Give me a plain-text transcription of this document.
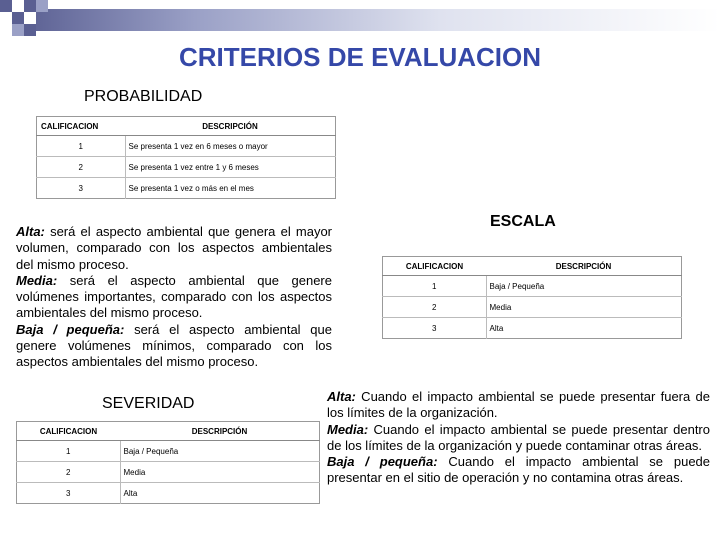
CRITERIOS DE EVALUACION
PROBABILIDAD
CALIFICACION	DESCRIPCIÓN
1	Se presenta 1 vez en 6 meses o mayor
2	Se presenta 1 vez entre 1 y 6 meses
3	Se presenta 1 vez o más en el mes
Alta: será el aspecto ambiental que genera el mayor volumen, comparado con los aspectos ambientales del mismo proceso.
Media: será el aspecto ambiental que genere volúmenes importantes, comparado con los aspectos ambientales del mismo proceso.
Baja / pequeña: será el aspecto ambiental que genere volúmenes mínimos, comparado con los aspectos ambientales del mismo proceso.
ESCALA
CALIFICACION	DESCRIPCIÓN
1	Baja / Pequeña
2	Media
3	Alta
SEVERIDAD
CALIFICACION	DESCRIPCIÓN
1	Baja / Pequeña
2	Media
3	Alta
Alta: Cuando el impacto ambiental se puede presentar fuera de los límites de la organización.
Media: Cuando el impacto ambiental se puede presentar dentro de los límites de la organización y puede contaminar otras áreas.
Baja / pequeña: Cuando el impacto ambiental se puede presentar en el sitio de operación y no contamina otras áreas.
